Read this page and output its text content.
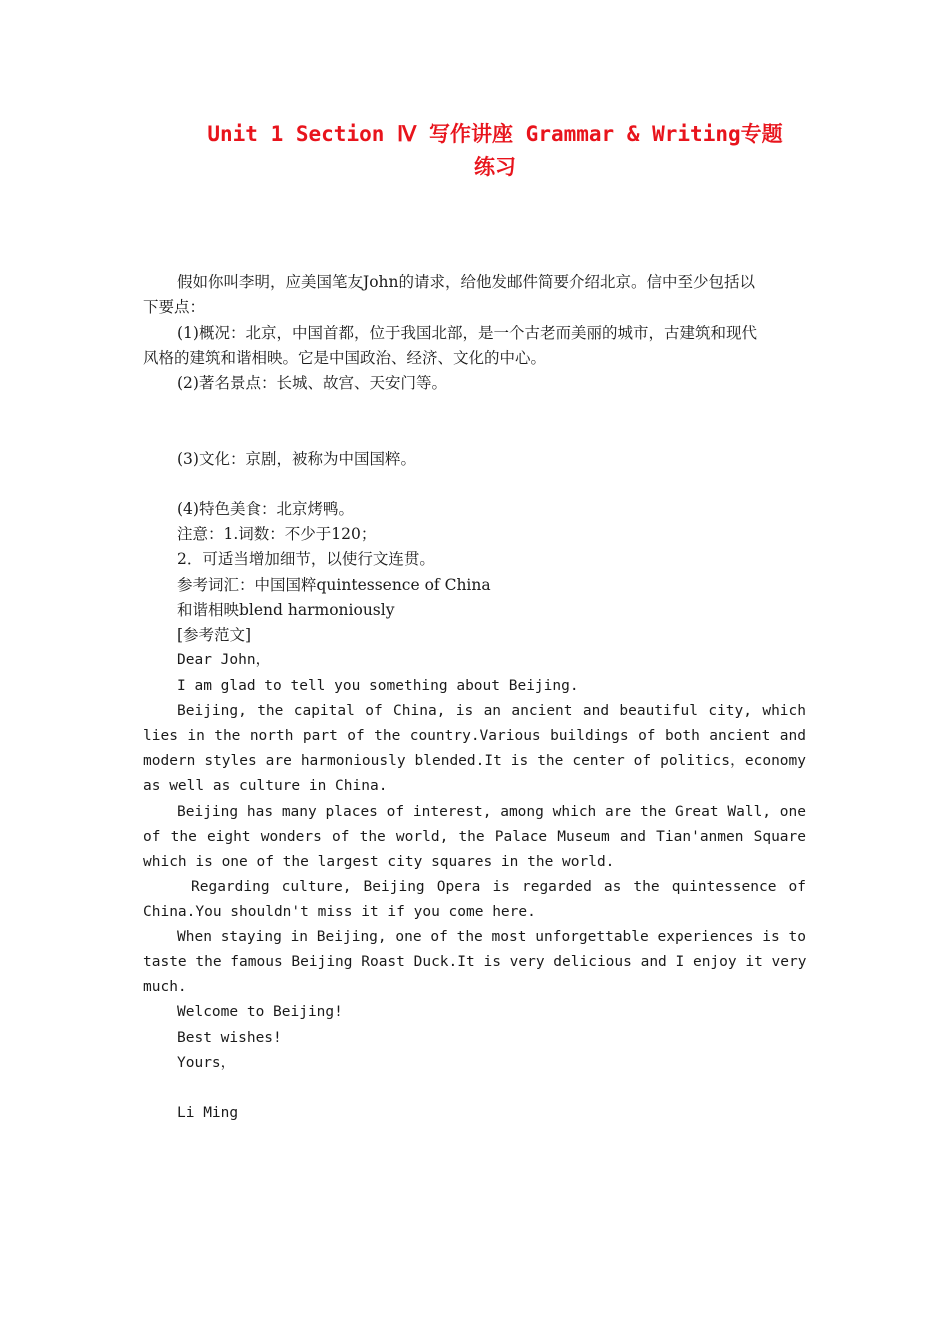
Unit 1 Section Ⅳ 写作讲座 Grammar & Writing专题
练习
假如你叫李明，应美国笔友John的请求，给他发邮件简要介绍北京。信中至少包括以
下要点：
(1)概况：北京，中国首都，位于我国北部，是一个古老而美丽的城市，古建筑和现代
风格的建筑和谐相映。它是中国政治、经济、文化的中心。
(2)著名景点：长城、故宫、天安门等。
(3)文化：京剧，被称为中国国粹。
(4)特色美食：北京烤鸭。
注意：1.词数：不少于120；
2．可适当增加细节，以使行文连贯。
参考词汇：中国国粹quintessence of China
和谐相映blend harmoniously
[参考范文]
Dear John，
I am glad to tell you something about Beijing.
Beijing, the capital of China, is an ancient and beautiful city, which
lies in the north part of the country.Various buildings of both ancient and
modern styles are harmoniously blended.It is the center of politics，economy
as well as culture in China.
Beijing has many places of interest, among which are the Great Wall, one
of the eight wonders of the world, the Palace Museum and Tian'anmen Square
which is one of the largest city squares in the world.
Regarding culture, Beijing Opera is regarded as the quintessence of
China.You shouldn't miss it if you come here.
When staying in Beijing, one of the most unforgettable experiences is to
taste the famous Beijing Roast Duck.It is very delicious and I enjoy it very
much.
Welcome to Beijing!
Best wishes!
Yours，
Li Ming
